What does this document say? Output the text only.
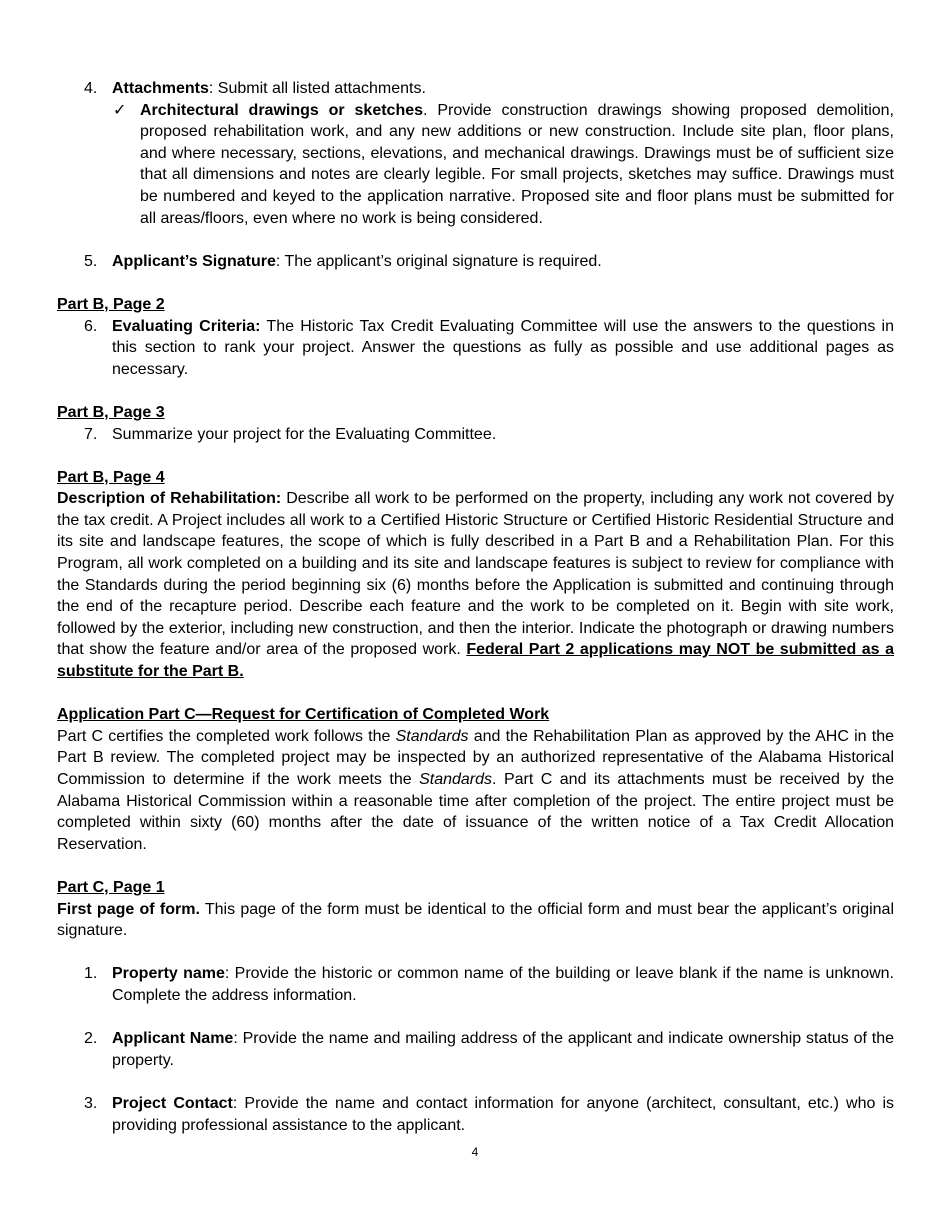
4. Attachments: Submit all listed attachments.
✓ Architectural drawings or sketches. Provide construction drawings showing proposed demolition, proposed rehabilitation work, and any new additions or new construction. Include site plan, floor plans, and where necessary, sections, elevations, and mechanical drawings. Drawings must be of sufficient size that all dimensions and notes are clearly legible. For small projects, sketches may suffice. Drawings must be numbered and keyed to the application narrative. Proposed site and floor plans must be submitted for all areas/floors, even where no work is being considered.
5. Applicant’s Signature: The applicant’s original signature is required.

Part B, Page 2

6. Evaluating Criteria: The Historic Tax Credit Evaluating Committee will use the answers to the questions in this section to rank your project. Answer the questions as fully as possible and use additional pages as necessary.

Part B, Page 3

7. Summarize your project for the Evaluating Committee.

Part B, Page 4

Description of Rehabilitation: Describe all work to be performed on the property, including any work not covered by the tax credit. A Project includes all work to a Certified Historic Structure or Certified Historic Residential Structure and its site and landscape features, the scope of which is fully described in a Part B and a Rehabilitation Plan. For this Program, all work completed on a building and its site and landscape features is subject to review for compliance with the Standards during the period beginning six (6) months before the Application is submitted and continuing through the end of the recapture period. Describe each feature and the work to be completed on it. Begin with site work, followed by the exterior, including new construction, and then the interior. Indicate the photograph or drawing numbers that show the feature and/or area of the proposed work. Federal Part 2 applications may NOT be submitted as a substitute for the Part B.

Application Part C—Request for Certification of Completed Work

Part C certifies the completed work follows the Standards and the Rehabilitation Plan as approved by the AHC in the Part B review. The completed project may be inspected by an authorized representative of the Alabama Historical Commission to determine if the work meets the Standards. Part C and its attachments must be received by the Alabama Historical Commission within a reasonable time after completion of the project. The entire project must be completed within sixty (60) months after the date of issuance of the written notice of a Tax Credit Allocation Reservation.

Part C, Page 1

First page of form. This page of the form must be identical to the official form and must bear the applicant’s original signature.

1. Property name: Provide the historic or common name of the building or leave blank if the name is unknown. Complete the address information.
2. Applicant Name: Provide the name and mailing address of the applicant and indicate ownership status of the property.
3. Project Contact: Provide the name and contact information for anyone (architect, consultant, etc.) who is providing professional assistance to the applicant.
4
